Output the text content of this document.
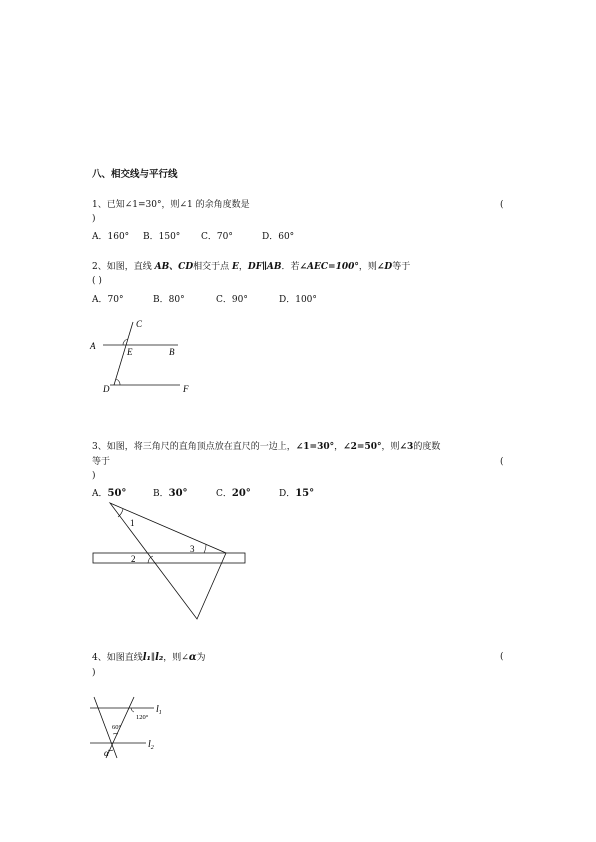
八、相交线与平行线
1、已知∠1=30°，则∠1 的余角度数是	(
)
A．160° B．150° C．70°	D．60°
2、如图，直线 AB、CD相交于点 E，DF∥AB．若∠AEC=100°，则∠D等于
( )
A．70°	B．80°	C．90°	D．100°
C
A
E	B
D	F
3、如图，将三角尺的直角顶点放在直尺的一边上，∠1=30°，∠2=50°，则∠3的度数
等于	(
)
A．50°	B．30°	C．20°	D．15°
1
3
2
4、如图直线l₁∥l₂，则∠α为	(
)
$l_1$
$l_2$
120°
60°
α
